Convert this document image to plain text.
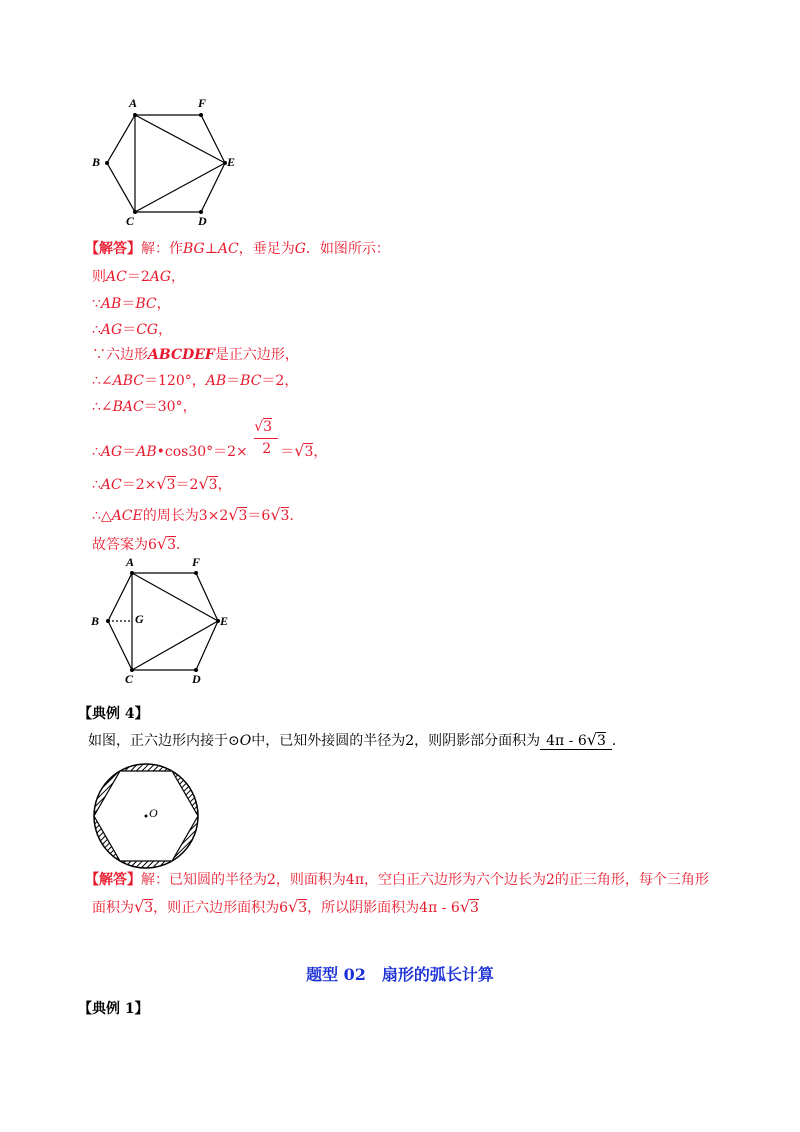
A	F
B	E
C	D
【解答】解：作BG⊥AC，垂足为G．如图所示：
则AC＝2AG，
∵AB＝BC，
∴AG＝CG，
∵六边形ABCDEF是正六边形，
∴∠ABC＝120°，AB＝BC＝2，
∴∠BAC＝30°，
∴AG＝AB•cos30°＝2× $\frac{√3}{2} =√3$，
∴AC＝2×√3＝2√3，
∴△ACE的周长为3×2√3＝6√3．
故答案为6√3．
A	F
B	G	E
C	D
【典例 4】
如图，正六边形内接于⊙O中，已知外接圆的半径为2，则阴影部分面积为 4π - 6√3 ．
O
【解答】解：已知圆的半径为2，则面积为4π，空白正六边形为六个边长为2的正三角形，每个三角形
面积为√3，则正六边形面积为6√3，所以阴影面积为4π - 6√3
题型 02　扇形的弧长计算
【典例 1】
